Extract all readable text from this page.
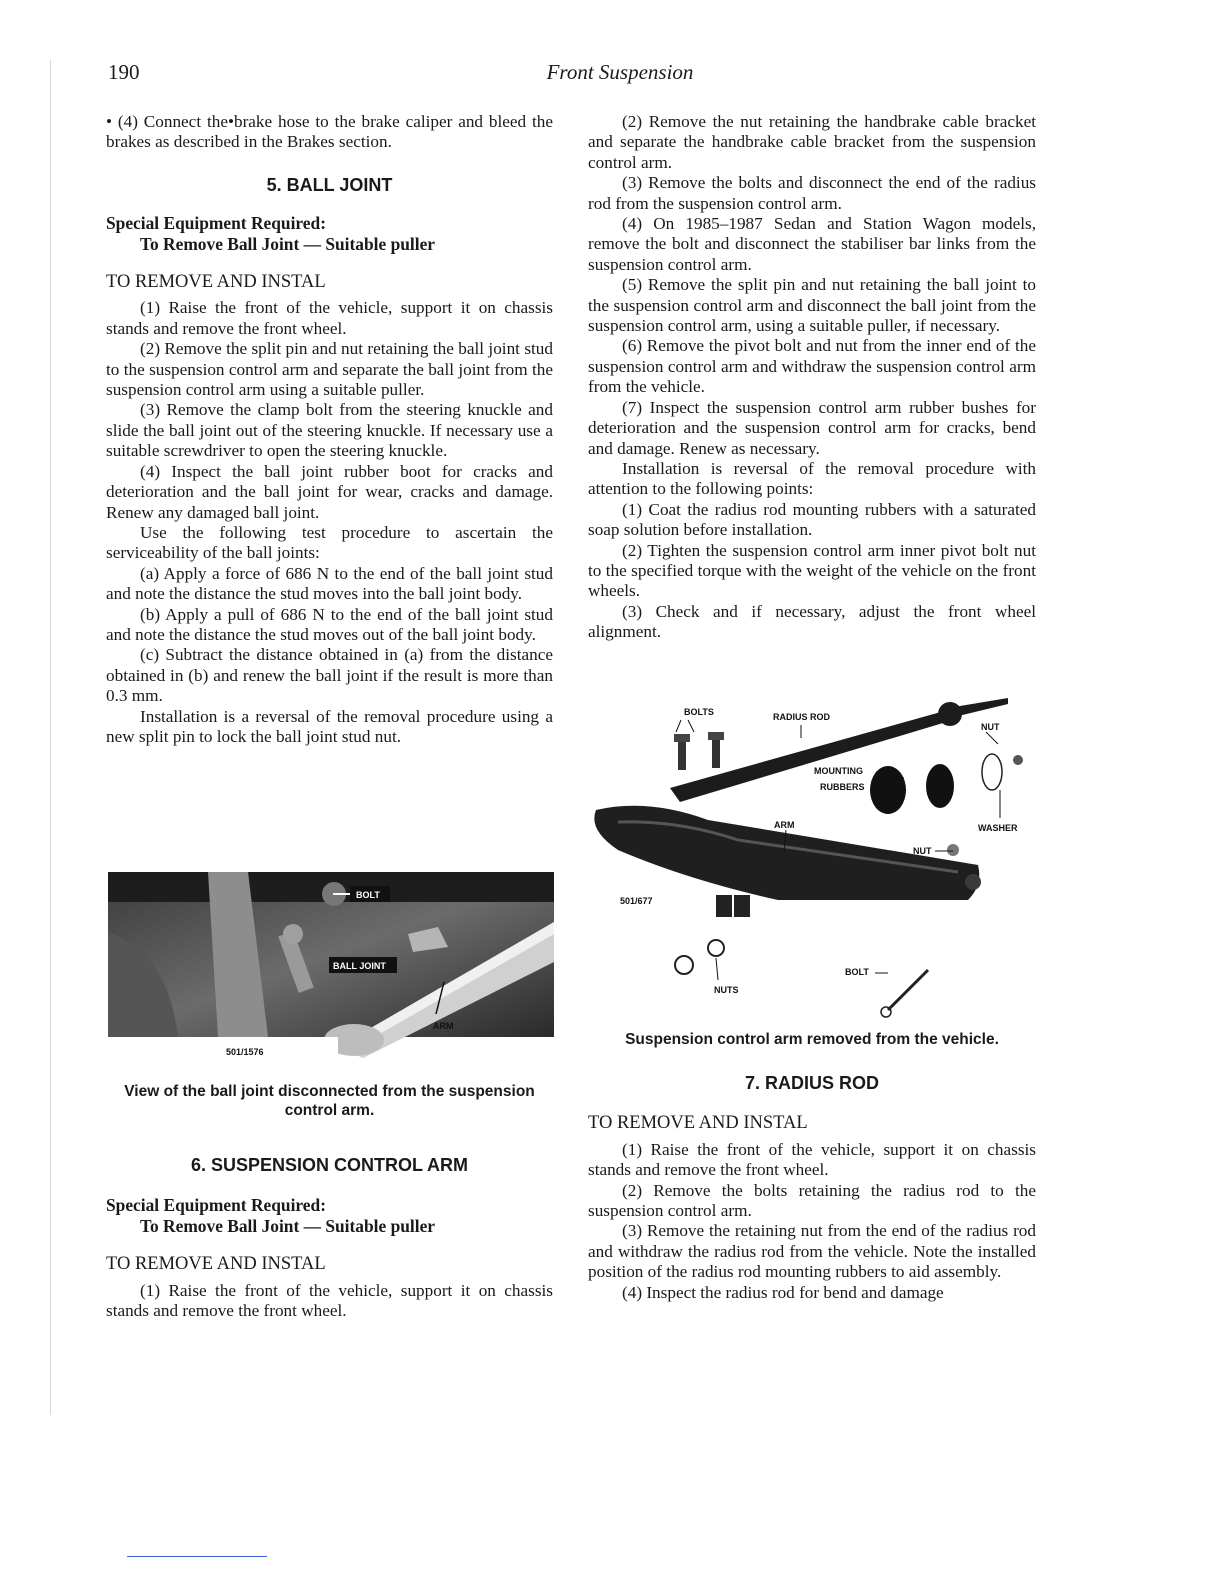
190	Front Suspension

• (4) Connect the•brake hose to the brake caliper and bleed the brakes as described in the Brakes section.

5. BALL JOINT
Special Equipment Required:
To Remove Ball Joint — Suitable puller
TO REMOVE AND INSTAL

(1) Raise the front of the vehicle, support it on chassis stands and remove the front wheel.

(2) Remove the split pin and nut retaining the ball joint stud to the suspension control arm and separate the ball joint from the suspension control arm using a suitable puller.

(3) Remove the clamp bolt from the steering knuckle and slide the ball joint out of the steering knuckle. If necessary use a suitable screwdriver to open the steering knuckle.

(4) Inspect the ball joint rubber boot for cracks and deterioration and the ball joint for wear, cracks and damage. Renew any damaged ball joint.

Use the following test procedure to ascertain the serviceability of the ball joints:

(a) Apply a force of 686 N to the end of the ball joint stud and note the distance the stud moves into the ball joint body.

(b) Apply a pull of 686 N to the end of the ball joint stud and note the distance the stud moves out of the ball joint body.

(c) Subtract the distance obtained in (a) from the distance obtained in (b) and renew the ball joint if the result is more than 0.3 mm.

Installation is a reversal of the removal procedure using a new split pin to lock the ball joint stud nut.

BOLT
BALL JOINT
ARM
501/1576
View of the ball joint disconnected from the suspension control arm.
6. SUSPENSION CONTROL ARM
Special Equipment Required:
To Remove Ball Joint — Suitable puller
TO REMOVE AND INSTAL

(1) Raise the front of the vehicle, support it on chassis stands and remove the front wheel.

(2) Remove the nut retaining the handbrake cable bracket and separate the handbrake cable bracket from the suspension control arm.

(3) Remove the bolts and disconnect the end of the radius rod from the suspension control arm.

(4) On 1985–1987 Sedan and Station Wagon models, remove the bolt and disconnect the stabiliser bar links from the suspension control arm.

(5) Remove the split pin and nut retaining the ball joint to the suspension control arm and disconnect the ball joint from the suspension control arm, using a suitable puller, if necessary.

(6) Remove the pivot bolt and nut from the inner end of the suspension control arm and withdraw the suspension control arm from the vehicle.

(7) Inspect the suspension control arm rubber bushes for deterioration and the suspension control arm for cracks, bend and damage. Renew as necessary.

Installation is reversal of the removal procedure with attention to the following points:

(1) Coat the radius rod mounting rubbers with a saturated soap solution before installation.

(2) Tighten the suspension control arm inner pivot bolt nut to the specified torque with the weight of the vehicle on the front wheels.

(3) Check and if necessary, adjust the front wheel alignment.

BOLTS	RADIUS ROD
NUT
MOUNTING
RUBBERS
ARM	WASHER
NUT
501/677
BOLT
NUTS
Suspension control arm removed from the vehicle.
7. RADIUS ROD
TO REMOVE AND INSTAL

(1) Raise the front of the vehicle, support it on chassis stands and remove the front wheel.

(2) Remove the bolts retaining the radius rod to the suspension control arm.

(3) Remove the retaining nut from the end of the radius rod and withdraw the radius rod from the vehicle. Note the installed position of the radius rod mounting rubbers to aid assembly.

(4) Inspect the radius rod for bend and damage
